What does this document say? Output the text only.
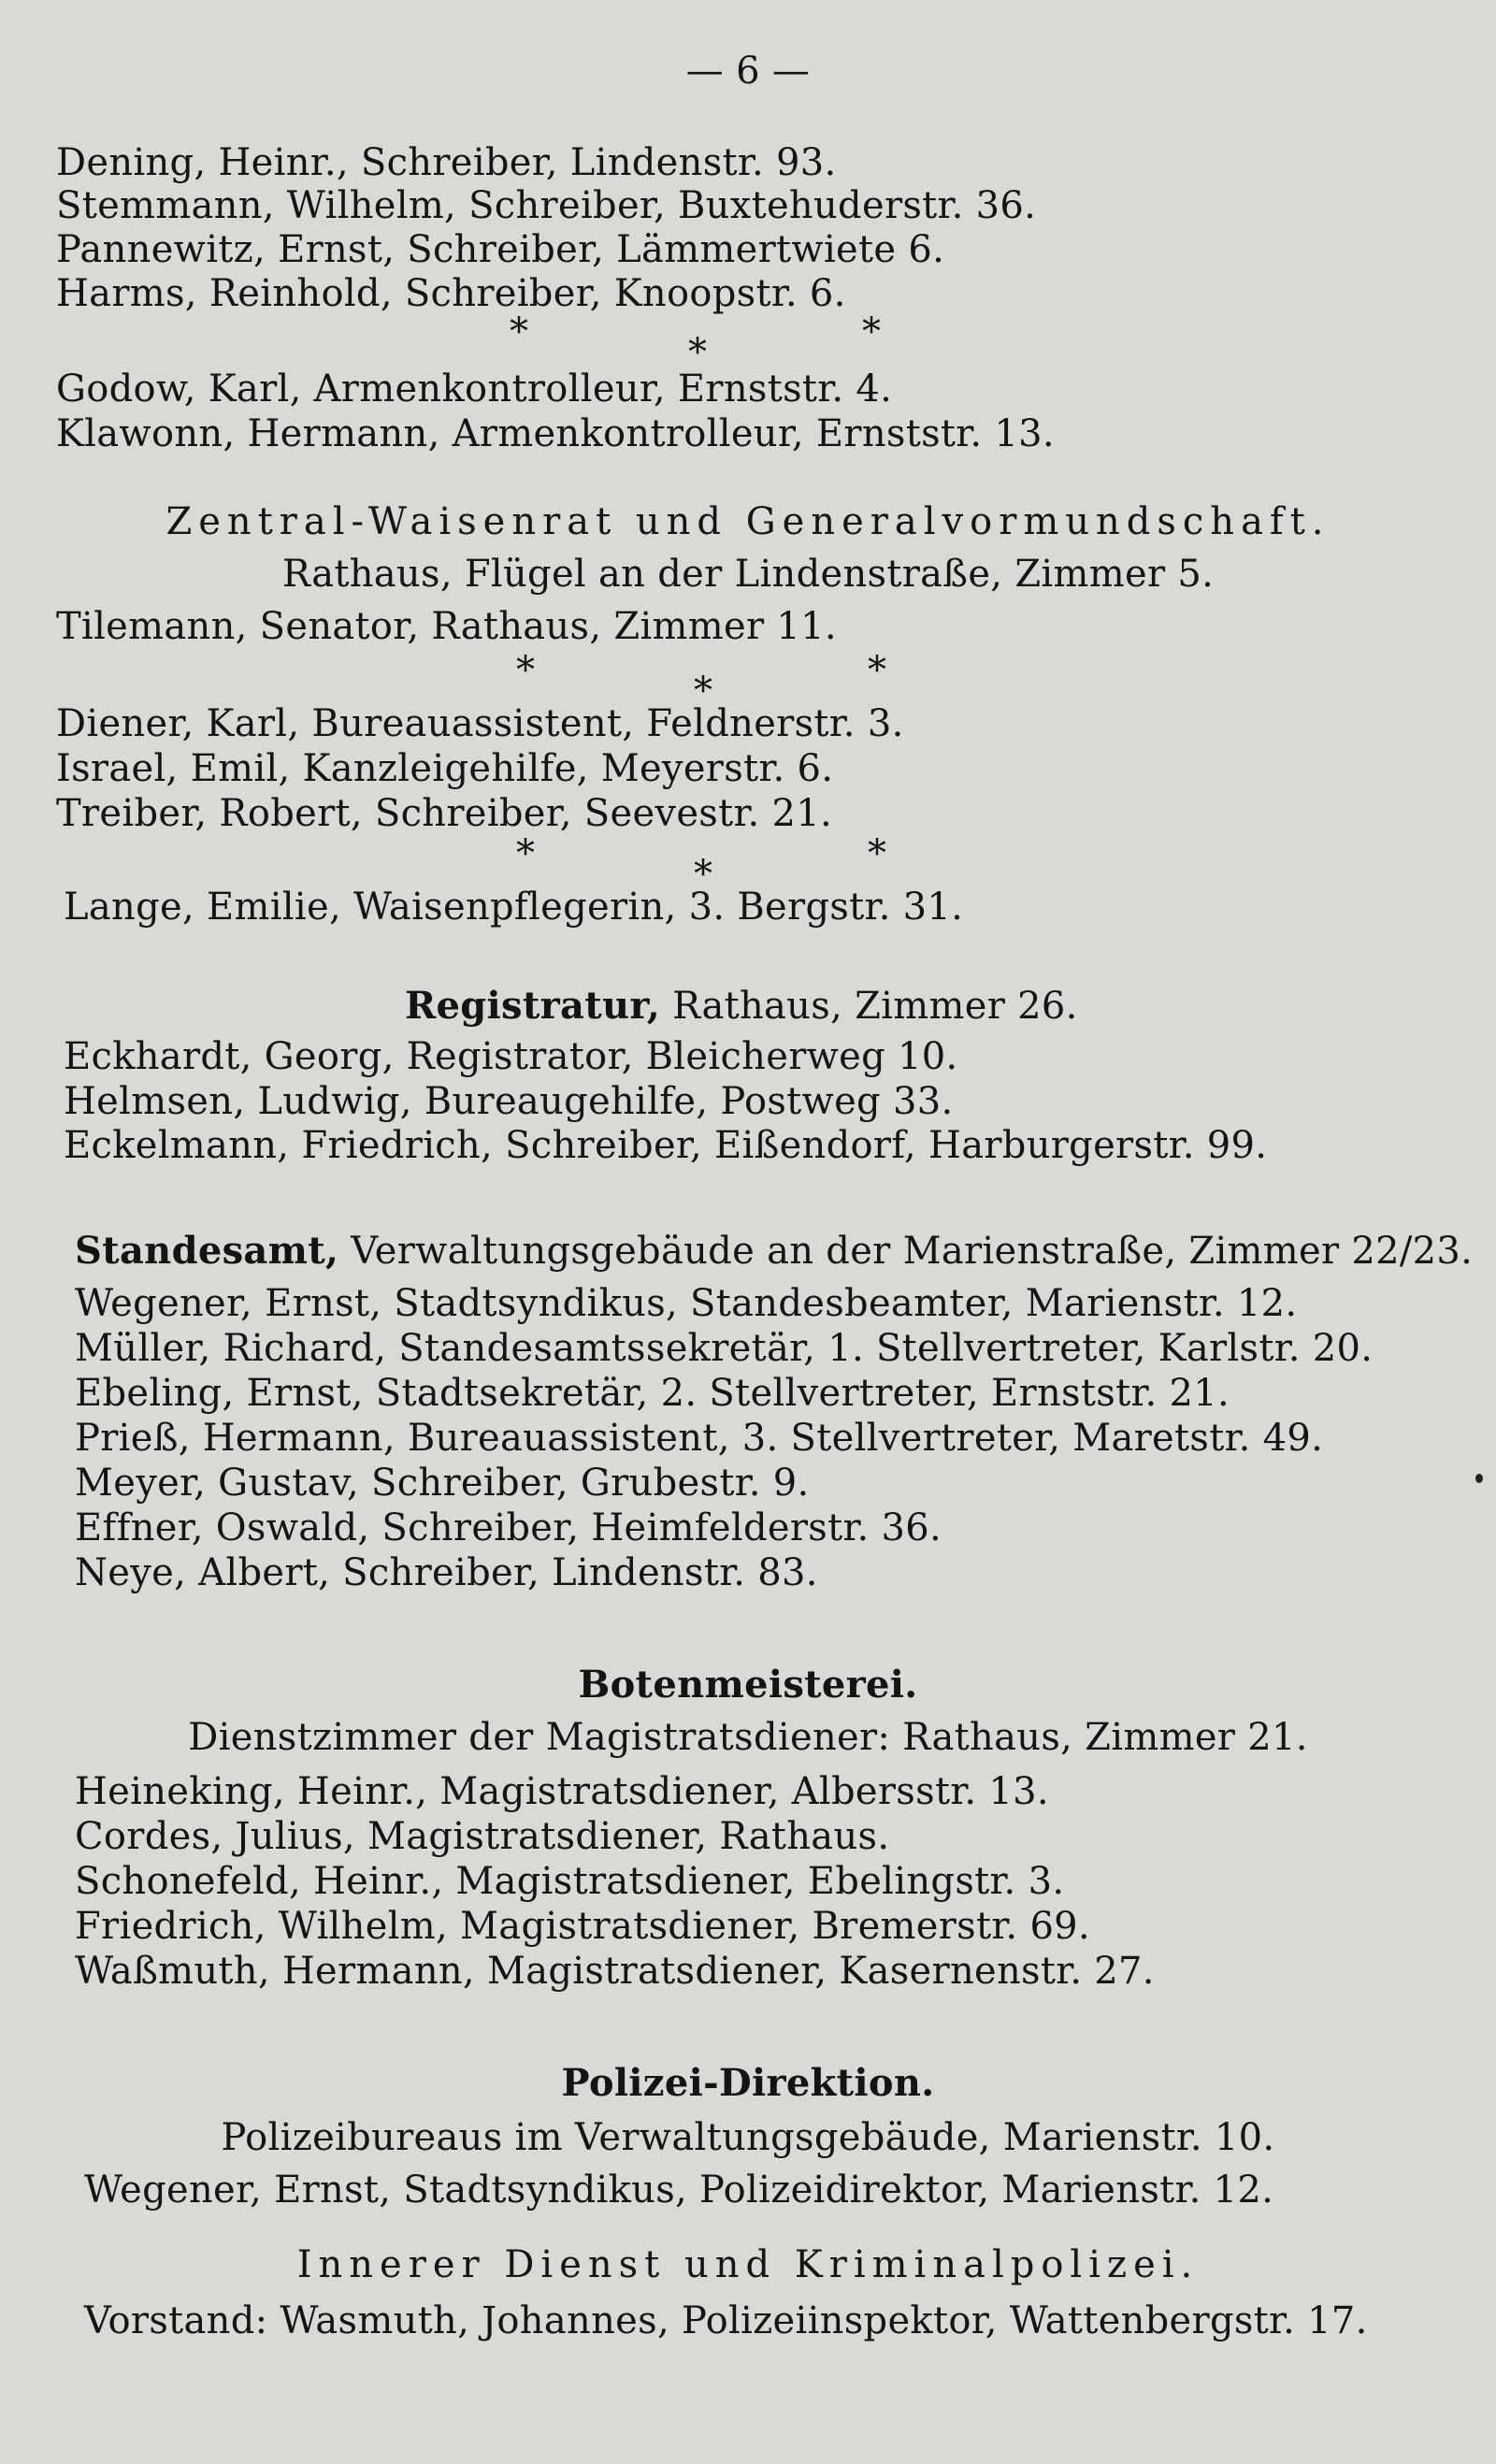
— 6 —
Dening, Heinr., Schreiber, Lindenstr. 93.
Stemmann, Wilhelm, Schreiber, Buxtehuderstr. 36.
Pannewitz, Ernst, Schreiber, Lämmertwiete 6.
Harms, Reinhold, Schreiber, Knoopstr. 6.
*	*	*
Godow, Karl, Armenkontrolleur, Ernststr. 4.
Klawonn, Hermann, Armenkontrolleur, Ernststr. 13.
Zentral-Waisenrat und Generalvormundschaft.
Rathaus, Flügel an der Lindenstraße, Zimmer 5.
Tilemann, Senator, Rathaus, Zimmer 11.
*	*	*
Diener, Karl, Bureauassistent, Feldnerstr. 3.
Israel, Emil, Kanzleigehilfe, Meyerstr. 6.
Treiber, Robert, Schreiber, Seevestr. 21.
*	*	*
Lange, Emilie, Waisenpflegerin, 3. Bergstr. 31.
Registratur, Rathaus, Zimmer 26.
Eckhardt, Georg, Registrator, Bleicherweg 10.
Helmsen, Ludwig, Bureaugehilfe, Postweg 33.
Eckelmann, Friedrich, Schreiber, Eißendorf, Harburgerstr. 99.
Standesamt, Verwaltungsgebäude an der Marienstraße, Zimmer 22/23.
Wegener, Ernst, Stadtsyndikus, Standesbeamter, Marienstr. 12.
Müller, Richard, Standesamtssekretär, 1. Stellvertreter, Karlstr. 20.
Ebeling, Ernst, Stadtsekretär, 2. Stellvertreter, Ernststr. 21.
Prieß, Hermann, Bureauassistent, 3. Stellvertreter, Maretstr. 49.
Meyer, Gustav, Schreiber, Grubestr. 9.
Effner, Oswald, Schreiber, Heimfelderstr. 36.
Neye, Albert, Schreiber, Lindenstr. 83.
Botenmeisterei.
Dienstzimmer der Magistratsdiener: Rathaus, Zimmer 21.
Heineking, Heinr., Magistratsdiener, Albersstr. 13.
Cordes, Julius, Magistratsdiener, Rathaus.
Schonefeld, Heinr., Magistratsdiener, Ebelingstr. 3.
Friedrich, Wilhelm, Magistratsdiener, Bremerstr. 69.
Waßmuth, Hermann, Magistratsdiener, Kasernenstr. 27.
Polizei-Direktion.
Polizeibureaus im Verwaltungsgebäude, Marienstr. 10.
Wegener, Ernst, Stadtsyndikus, Polizeidirektor, Marienstr. 12.
Innerer Dienst und Kriminalpolizei.
Vorstand: Wasmuth, Johannes, Polizeiinspektor, Wattenbergstr. 17.
